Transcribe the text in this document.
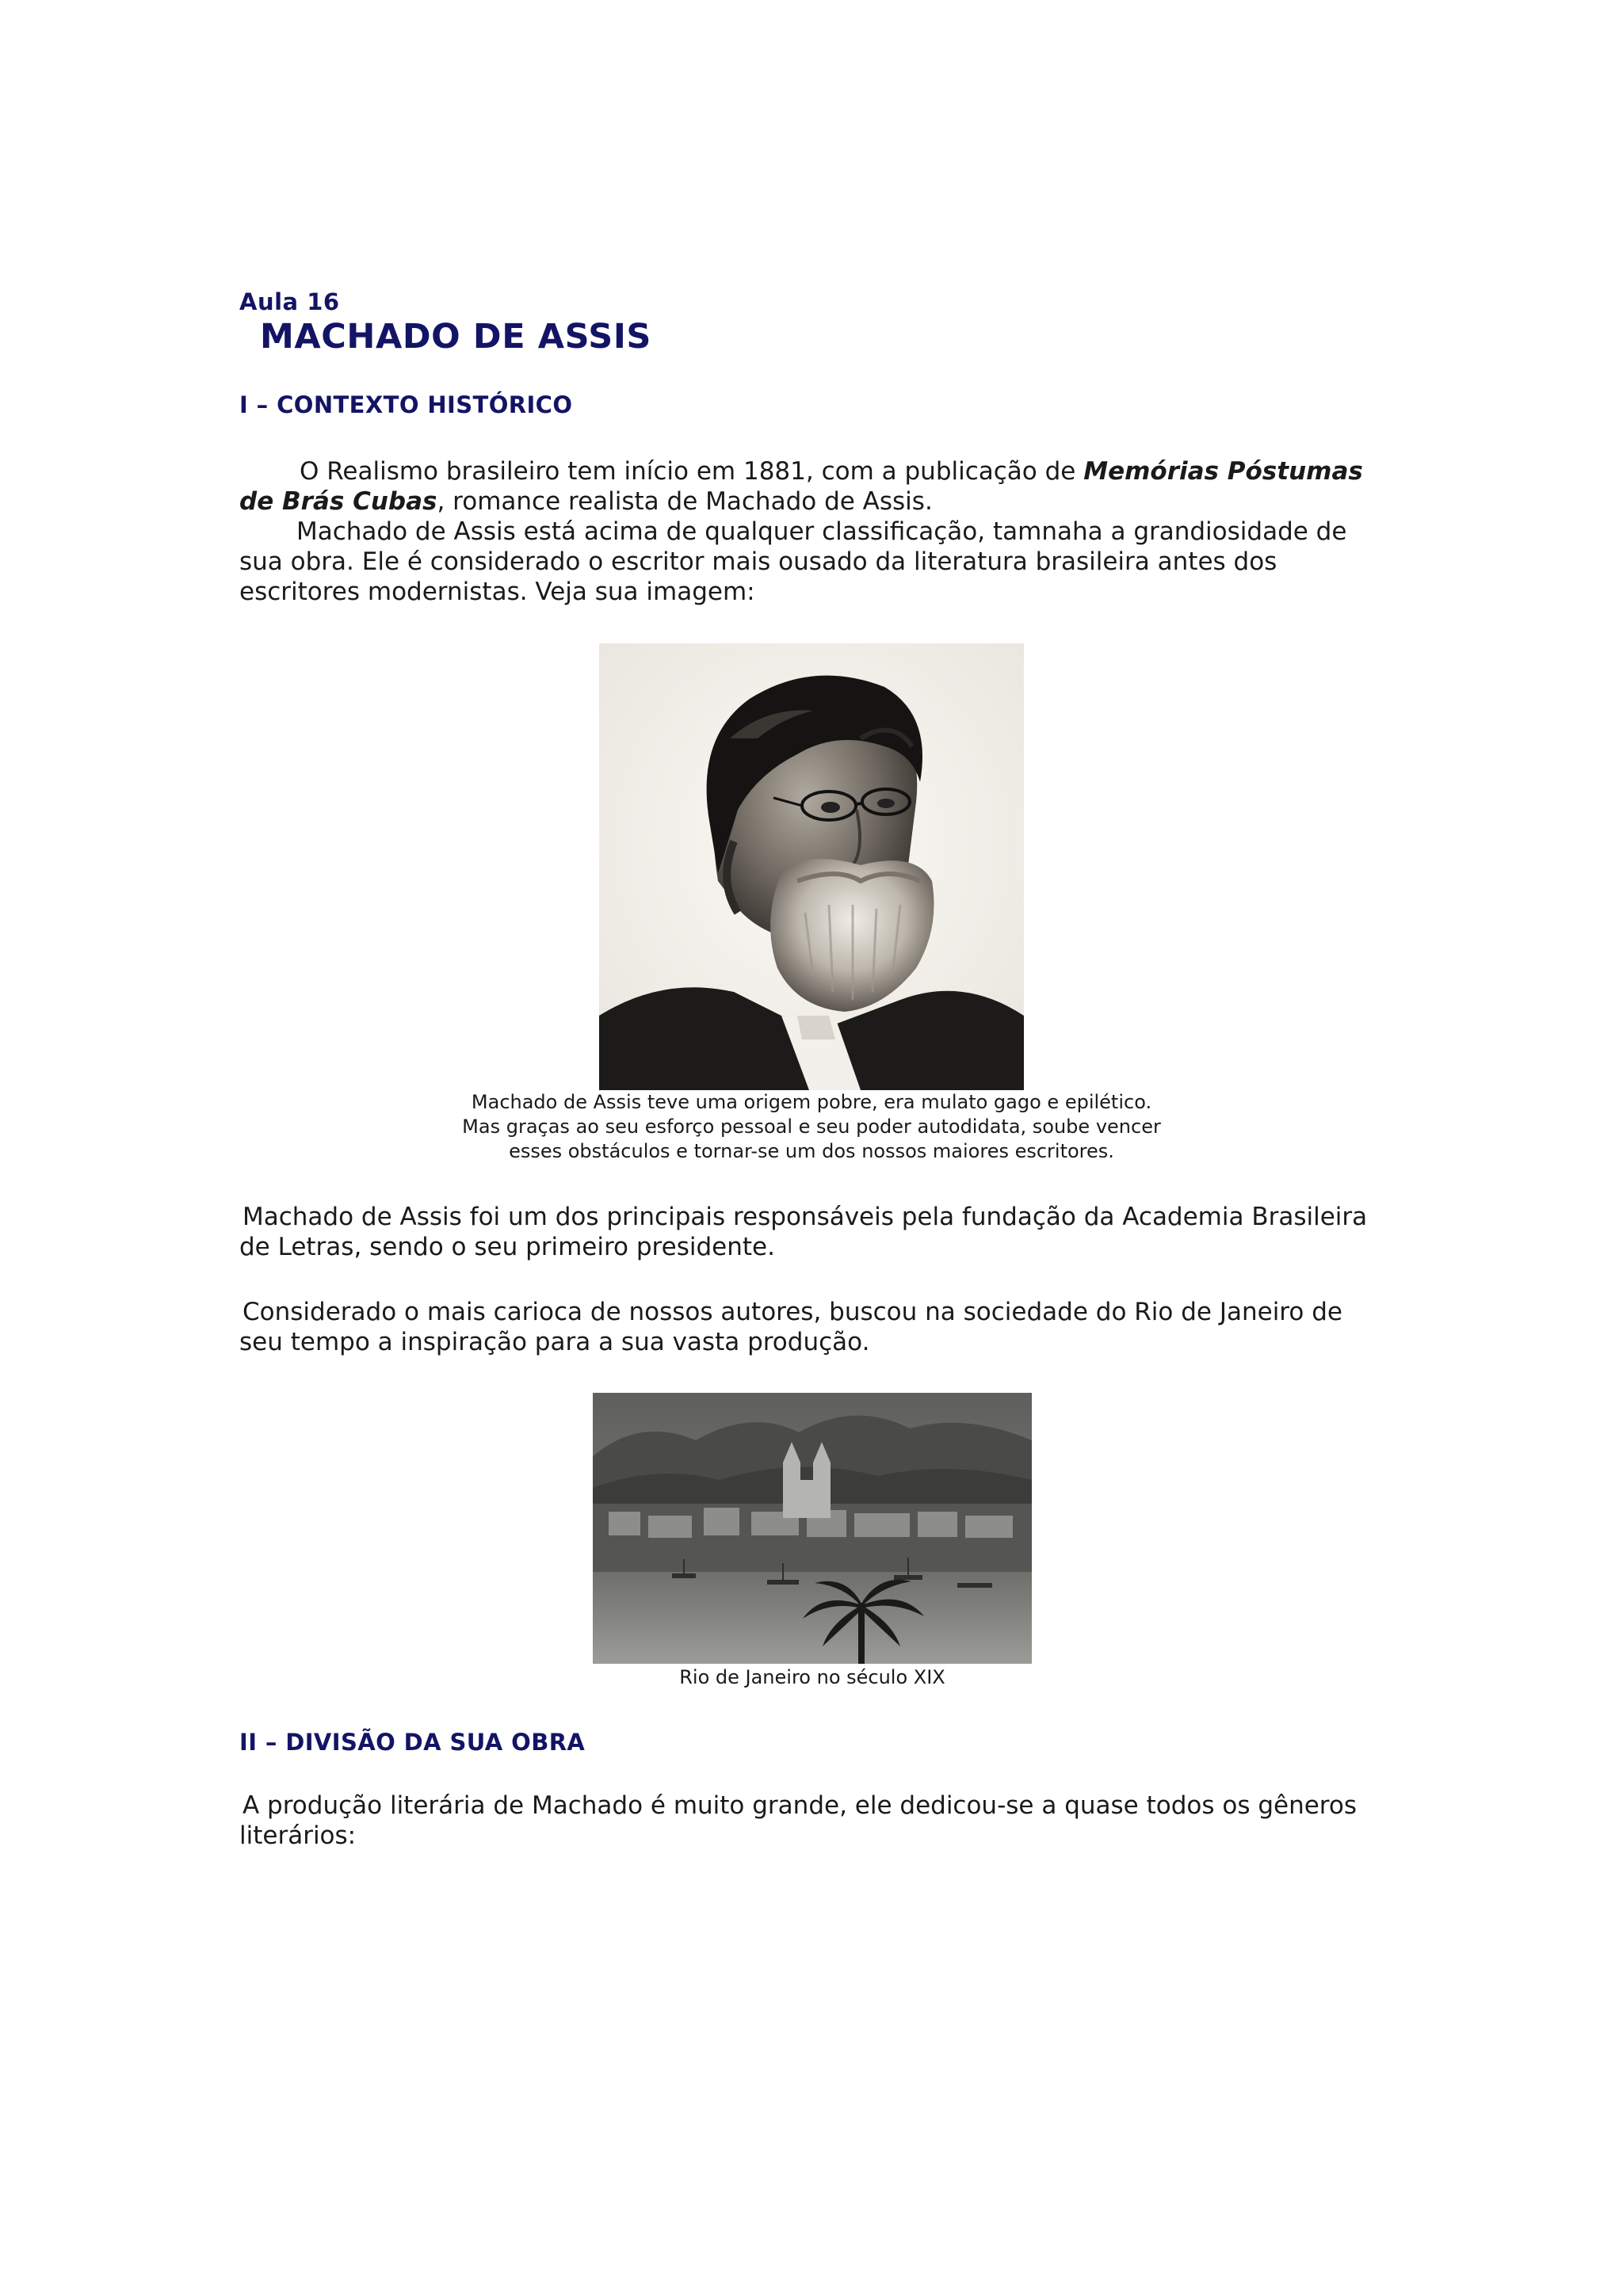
Aula 16
MACHADO DE ASSIS
I – CONTEXTO HISTÓRICO

O Realismo brasileiro tem início em 1881, com a publicação de Memórias Póstumas de Brás Cubas, romance realista de Machado de Assis.

Machado de Assis está acima de qualquer classificação, tamnaha a grandiosidade de sua obra. Ele é considerado o escritor mais ousado da literatura brasileira antes dos escritores modernistas. Veja sua imagem:

Machado de Assis teve uma origem pobre, era mulato gago e epilético.
Mas graças ao seu esforço pessoal e seu poder autodidata, soube vencer
esses obstáculos e tornar-se um dos nossos maiores escritores.

Machado de Assis foi um dos principais responsáveis pela fundação da Academia Brasileira de Letras, sendo o seu primeiro presidente.

Considerado o mais carioca de nossos autores, buscou na sociedade do Rio de Janeiro de seu tempo a inspiração para a sua vasta produção.

Rio de Janeiro no século XIX
II – DIVISÃO DA SUA OBRA

A produção literária de Machado é muito grande, ele dedicou-se a quase todos os gêneros literários:
